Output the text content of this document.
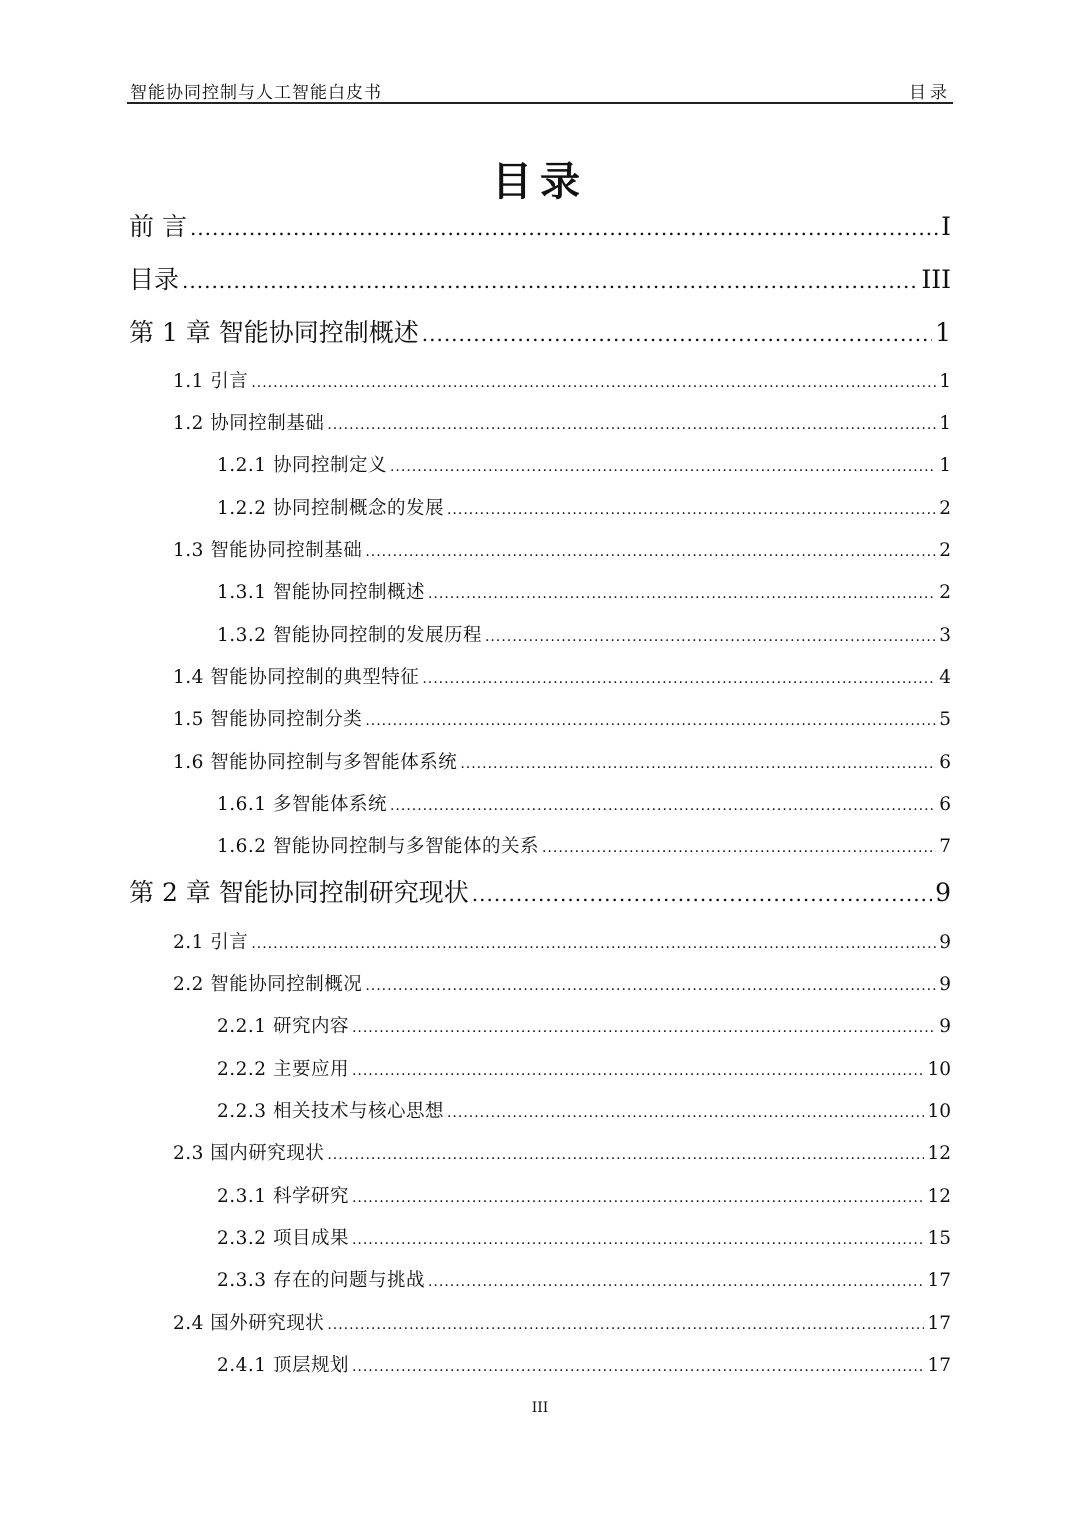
智能协同控制与人工智能白皮书	目录
目录
前 言 .....	I
目录 .....	III
第 1 章 智能协同控制概述 .....	1
1.1 引言 .....	1
1.2 协同控制基础 .....	1
1.2.1 协同控制定义 .....	1
1.2.2 协同控制概念的发展 .....	2
1.3 智能协同控制基础 .....	2
1.3.1 智能协同控制概述 .....	2
1.3.2 智能协同控制的发展历程 .....	3
1.4 智能协同控制的典型特征 .....	4
1.5 智能协同控制分类 .....	5
1.6 智能协同控制与多智能体系统 .....	6
1.6.1 多智能体系统 .....	6
1.6.2 智能协同控制与多智能体的关系 .....	7
第 2 章 智能协同控制研究现状 .....	9
2.1 引言 .....	9
2.2 智能协同控制概况 .....	9
2.2.1 研究内容 .....	9
2.2.2 主要应用 .....	10
2.2.3 相关技术与核心思想 .....	10
2.3 国内研究现状 .....	12
2.3.1 科学研究 .....	12
2.3.2 项目成果 .....	15
2.3.3 存在的问题与挑战 .....	17
2.4 国外研究现状 .....	17
2.4.1 顶层规划 .....	17
III
